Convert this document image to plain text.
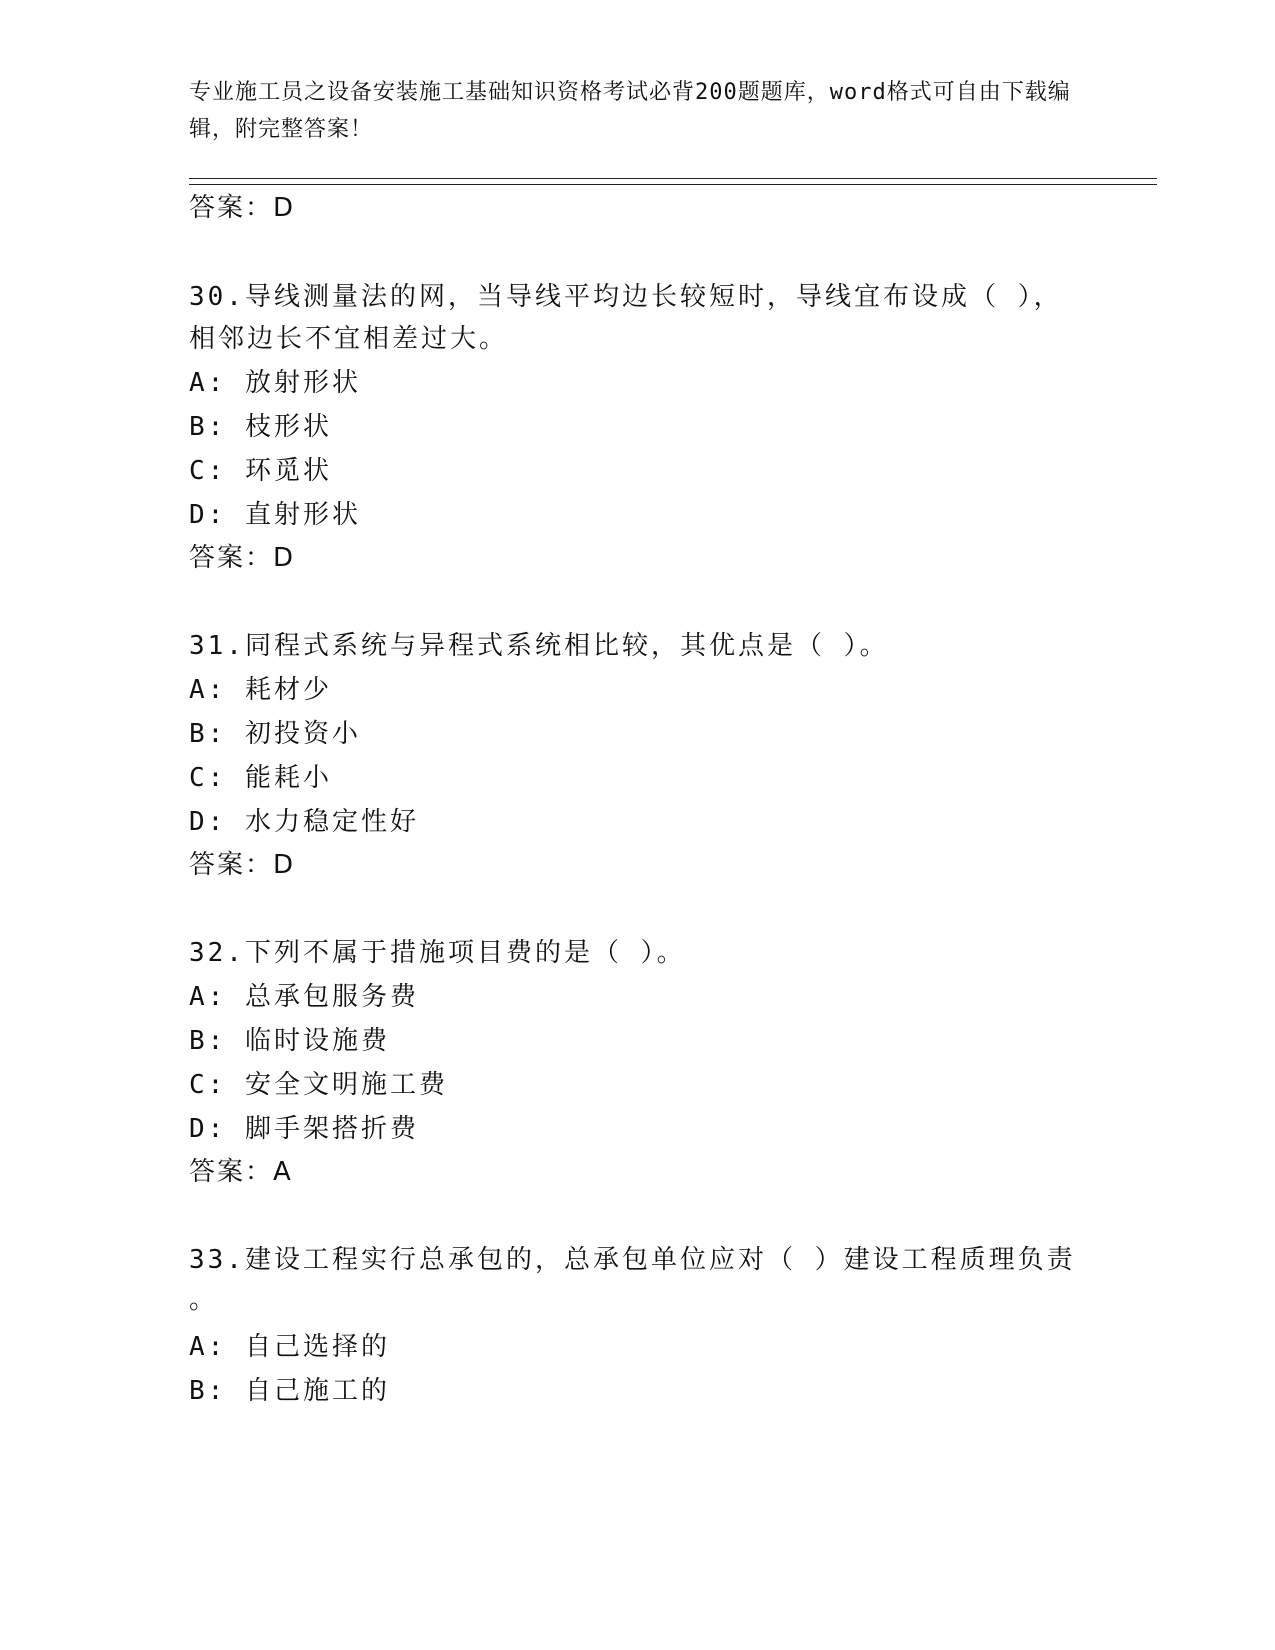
专业施工员之设备安装施工基础知识资格考试必背200题题库，word格式可自由下载编辑，附完整答案！
答案：D
30.导线测量法的网，当导线平均边长较短时，导线宜布设成（ ），
相邻边长不宜相差过大。
A: 放射形状
B: 枝形状
C: 环觅状
D: 直射形状
答案：D
31.同程式系统与异程式系统相比较，其优点是（ ）。
A: 耗材少
B: 初投资小
C: 能耗小
D: 水力稳定性好
答案：D
32.下列不属于措施项目费的是（ ）。
A: 总承包服务费
B: 临时设施费
C: 安全文明施工费
D: 脚手架搭折费
答案：A
33.建设工程实行总承包的，总承包单位应对（ ）建设工程质理负责
。
A: 自己选择的
B: 自己施工的
